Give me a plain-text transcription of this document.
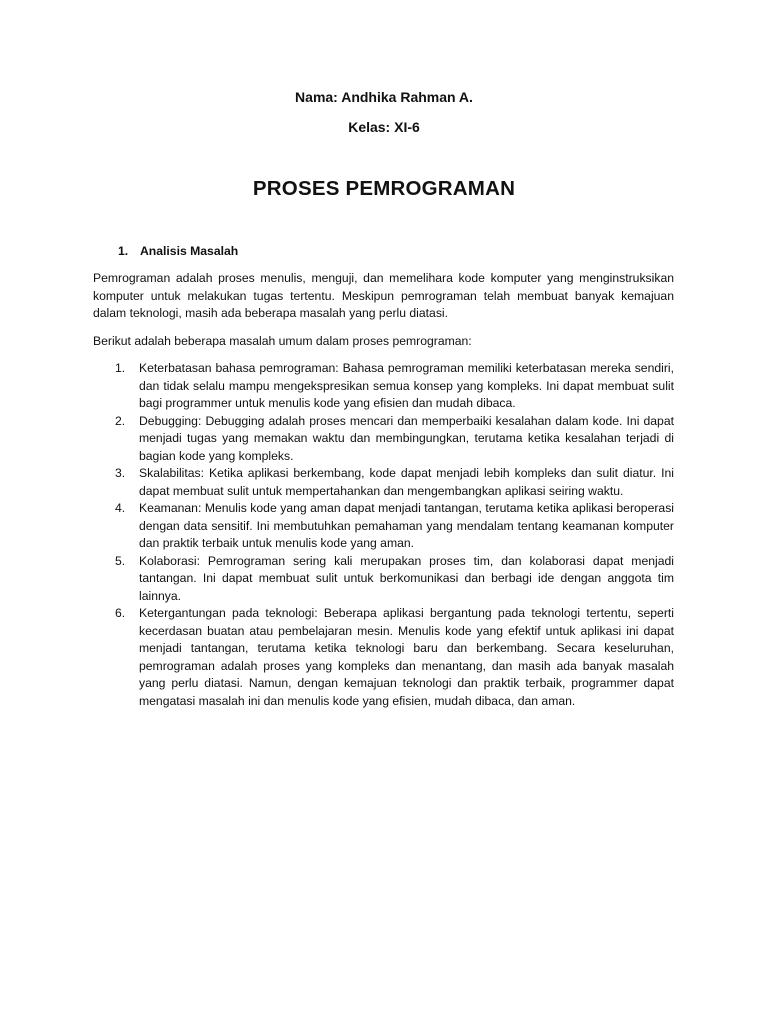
Nama: Andhika Rahman A.
Kelas: XI-6
PROSES PEMROGRAMAN
1. Analisis Masalah
Pemrograman adalah proses menulis, menguji, dan memelihara kode komputer yang menginstruksikan komputer untuk melakukan tugas tertentu. Meskipun pemrograman telah membuat banyak kemajuan dalam teknologi, masih ada beberapa masalah yang perlu diatasi.
Berikut adalah beberapa masalah umum dalam proses pemrograman:
1. Keterbatasan bahasa pemrograman: Bahasa pemrograman memiliki keterbatasan mereka sendiri, dan tidak selalu mampu mengekspresikan semua konsep yang kompleks. Ini dapat membuat sulit bagi programmer untuk menulis kode yang efisien dan mudah dibaca.
2. Debugging: Debugging adalah proses mencari dan memperbaiki kesalahan dalam kode. Ini dapat menjadi tugas yang memakan waktu dan membingungkan, terutama ketika kesalahan terjadi di bagian kode yang kompleks.
3. Skalabilitas: Ketika aplikasi berkembang, kode dapat menjadi lebih kompleks dan sulit diatur. Ini dapat membuat sulit untuk mempertahankan dan mengembangkan aplikasi seiring waktu.
4. Keamanan: Menulis kode yang aman dapat menjadi tantangan, terutama ketika aplikasi beroperasi dengan data sensitif. Ini membutuhkan pemahaman yang mendalam tentang keamanan komputer dan praktik terbaik untuk menulis kode yang aman.
5. Kolaborasi: Pemrograman sering kali merupakan proses tim, dan kolaborasi dapat menjadi tantangan. Ini dapat membuat sulit untuk berkomunikasi dan berbagi ide dengan anggota tim lainnya.
6. Ketergantungan pada teknologi: Beberapa aplikasi bergantung pada teknologi tertentu, seperti kecerdasan buatan atau pembelajaran mesin. Menulis kode yang efektif untuk aplikasi ini dapat menjadi tantangan, terutama ketika teknologi baru dan berkembang. Secara keseluruhan, pemrograman adalah proses yang kompleks dan menantang, dan masih ada banyak masalah yang perlu diatasi. Namun, dengan kemajuan teknologi dan praktik terbaik, programmer dapat mengatasi masalah ini dan menulis kode yang efisien, mudah dibaca, dan aman.
